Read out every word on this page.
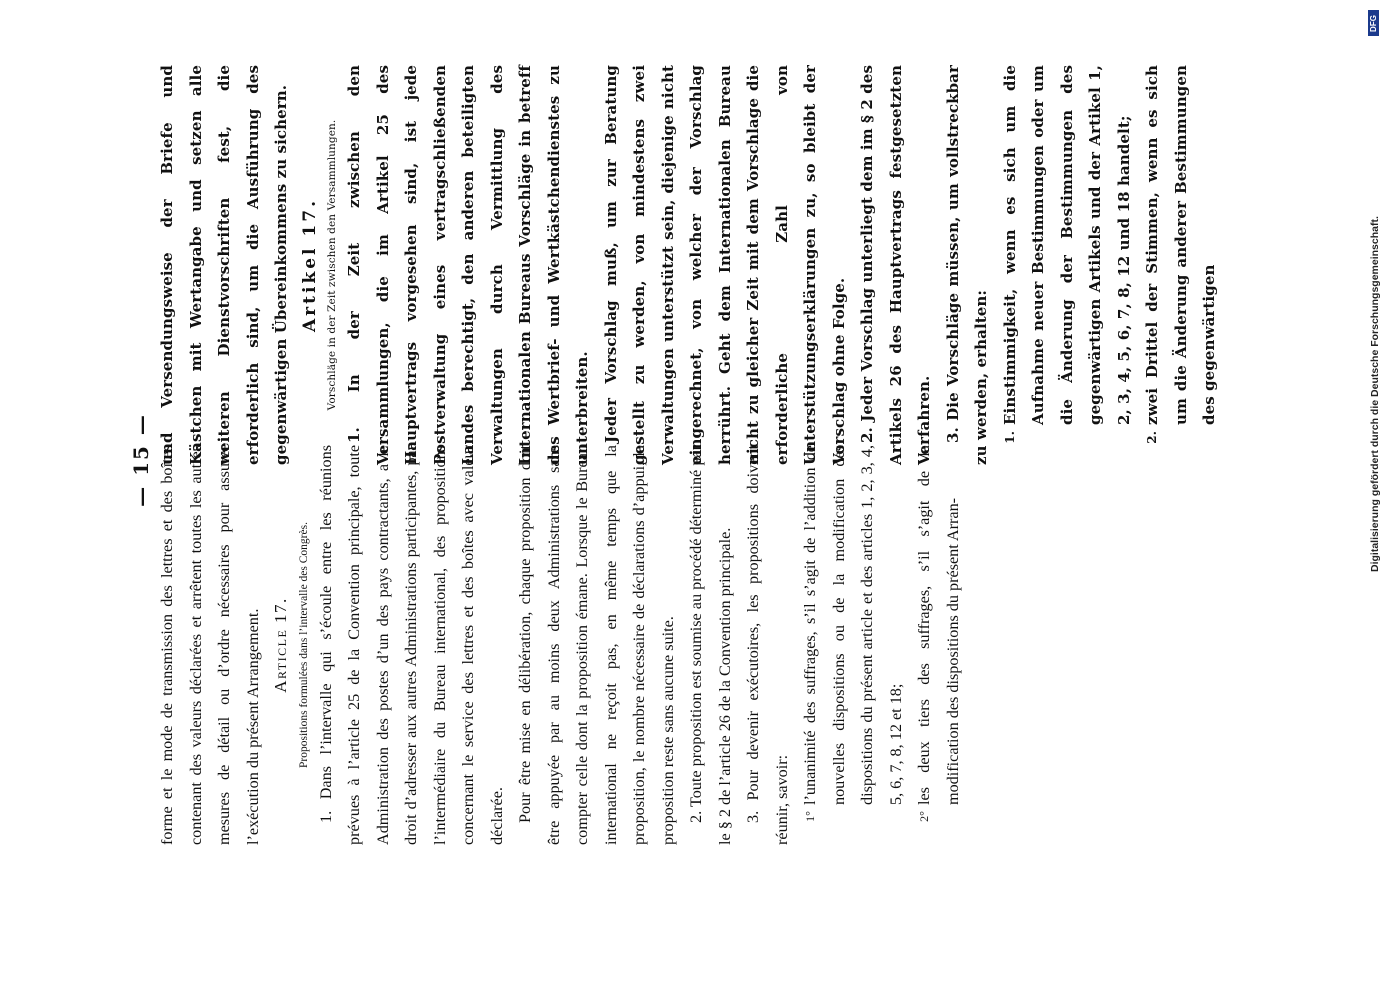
— 15 — forme et le mode de transmission des lettres et des boîtes contenant des valeurs déclarées et arrêtent toutes les autres mesures de détail ou d’ordre nécessaires pour assurer l’exécution du présent Arrangement. Article 17. Propositions formulées dans l’intervalle des Congrès. 1. Dans l’intervalle qui s’écoule entre les réunions prévues à l’article 25 de la Convention principale, toute Administration des postes d’un des pays contractants, a le droit d’adresser aux autres Administrations participantes, par l’intermédiaire du Bureau international, des propositions concernant le service des lettres et des boîtes avec valeur déclarée. Pour être mise en délibération, chaque proposition doit être appuyée par au moins deux Administrations sans compter celle dont la proposition émane. Lorsque le Bureau international ne reçoit pas, en même temps que la proposition, le nombre nécessaire de déclarations d’appui, la proposition reste sans aucune suite. 2. Toute proposition est soumise au procédé déterminé par le § 2 de l’article 26 de la Convention principale. 3. Pour devenir exécutoires, les propositions doivent réunir, savoir:	1°
l’unanimité des suffrages, s’il s’agit de l’addition de nouvelles dispositions ou de la modification des dispositions du présent article et des articles 1, 2, 3, 4, 5, 6, 7, 8, 12 et 18;
2°
les deux tiers des suffrages, s’il s’agit de la modification des dispositions du présent Arran-

und Versendungsweise der Briefe und Kästchen mit Wertangabe und setzen alle weiteren Dienstvorschriften fest, die erforderlich sind, um die Ausführung des gegenwärtigen Übereinkommens zu sichern. Artikel 17. Vorschläge in der Zeit zwischen den Versammlungen. 1. In der Zeit zwischen den Versammlungen, die im Artikel 25 des Hauptvertrags vorgesehen sind, ist jede Postverwaltung eines vertragschließenden Landes berechtigt, den anderen beteiligten Verwaltungen durch Vermittlung des Internationalen Bureaus Vorschläge in betreff des Wertbrief- und Wertkästchendienstes zu unterbreiten. Jeder Vorschlag muß, um zur Beratung gestellt zu werden, von mindestens zwei Verwaltungen unterstützt sein, diejenige nicht eingerechnet, von welcher der Vorschlag herrührt. Geht dem Internationalen Bureau nicht zu gleicher Zeit mit dem Vorschlage die erforderliche Zahl von Unterstützungserklärungen zu, so bleibt der Vorschlag ohne Folge. 2. Jeder Vorschlag unterliegt dem im § 2 des Artikels 26 des Hauptvertrags festgesetzten Verfahren. 3. Die Vorschläge müssen, um vollstreckbar zu werden, erhalten:	1.
Einstimmigkeit, wenn es sich um die Aufnahme neuer Bestimmungen oder um die Änderung der Bestimmungen des gegenwärtigen Artikels und der Artikel 1, 2, 3, 4, 5, 6, 7, 8, 12 und 18 handelt;
2.
zwei Drittel der Stimmen, wenn es sich um die Änderung anderer Bestimmungen des gegenwärtigen
DFG
Digitalisierung gefördert durch die Deutsche Forschungsgemeinschaft.
